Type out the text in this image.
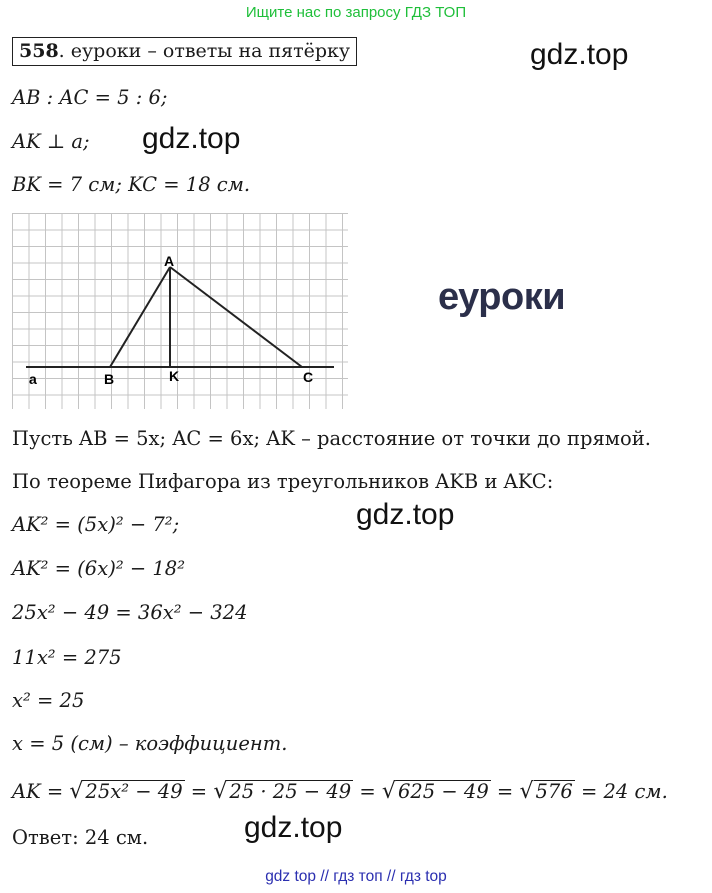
Ищите нас по запросу ГДЗ ТОП
558. еуроки – ответы на пятёрку	gdz.top
AB : AC = 5 : 6;
AK ⊥ a; gdz.top
BK = 7 см; KC = 18 см.
a	B	K	C
A
еуроки
Пусть AB = 5x; AC = 6x; AK – расстояние от точки до прямой.
По теореме Пифагора из треугольников AKB и AKC:
AK² = (5x)² − 7²;	gdz.top
AK² = (6x)² − 18²
25x² − 49 = 36x² − 324
11x² = 275
x² = 25
x = 5 (см) – коэффициент.
AK = √ 25x² − 49 = √ 25 · 25 − 49 = √ 625 − 49 = √ 576 = 24 см.
Ответ: 24 см.	gdz.top
gdz top // гдз топ // гдз top
